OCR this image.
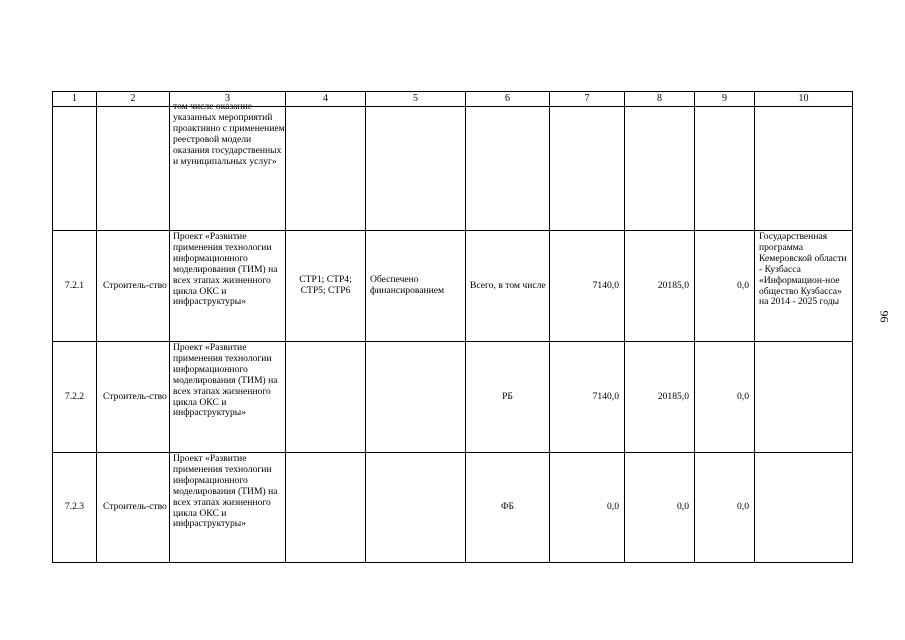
1	2	3	4	5	6	7	8	9	10

		том числе оказание указанных мероприятий проактивно с применением реестровой модели оказания государственных и муниципальных услуг»							

7.2.1	Строитель-ство	Проект «Развитие применения технологии информационного моделирования (ТИМ) на всех этапах жизненного цикла ОКС и инфраструктуры»	СТР1; СТР4; СТР5; СТР6	Обеспечено финансированием	Всего, в том числе	7140,0	20185,0	0,0	Государственная программа Кемеровской области - Кузбасса «Информацион-ное общество Кузбасса» на 2014 - 2025 годы

7.2.2	Строитель-ство	Проект «Развитие применения технологии информационного моделирования (ТИМ) на всех этапах жизненного цикла ОКС и инфраструктуры»			РБ	7140,0	20185,0	0,0	
7.2.3	Строитель-ство	Проект «Развитие применения технологии информационного моделирования (ТИМ) на всех этапах жизненного цикла ОКС и инфраструктуры»			ФБ	0,0	0,0	0,0	
96
